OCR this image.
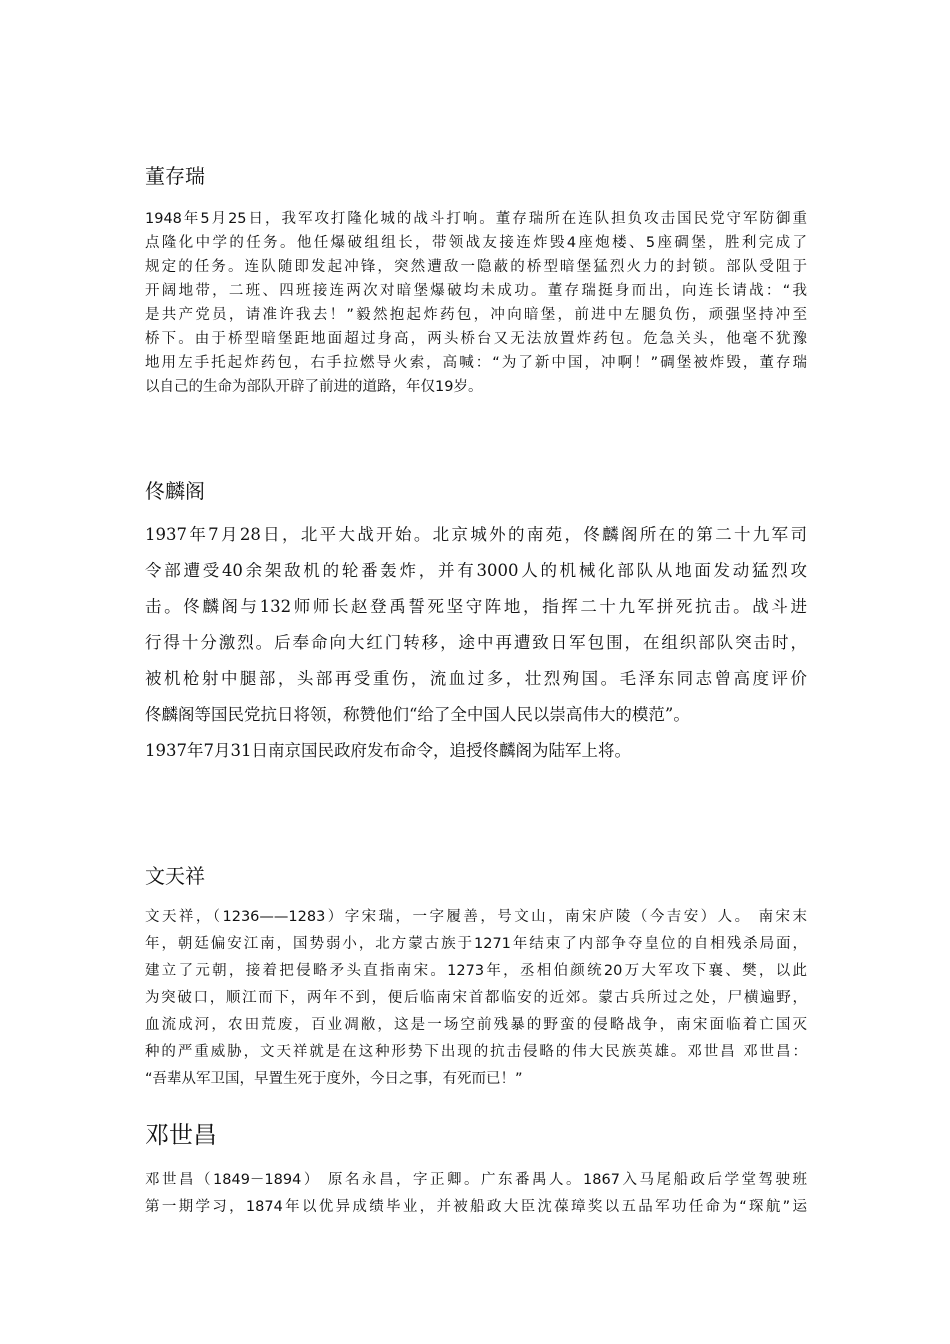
董存瑞
1948年5月25日，我军攻打隆化城的战斗打响。董存瑞所在连队担负攻击国民党守军防御重
点隆化中学的任务。他任爆破组组长，带领战友接连炸毁4座炮楼、5座碉堡，胜利完成了
规定的任务。连队随即发起冲锋，突然遭敌一隐蔽的桥型暗堡猛烈火力的封锁。部队受阻于
开阔地带，二班、四班接连两次对暗堡爆破均未成功。董存瑞挺身而出，向连长请战：“我
是共产党员，请准许我去！”毅然抱起炸药包，冲向暗堡，前进中左腿负伤，顽强坚持冲至
桥下。由于桥型暗堡距地面超过身高，两头桥台又无法放置炸药包。危急关头，他毫不犹豫
地用左手托起炸药包，右手拉燃导火索，高喊：“为了新中国，冲啊！”碉堡被炸毁，董存瑞
以自己的生命为部队开辟了前进的道路，年仅19岁。
佟麟阁
1937年7月28日，北平大战开始。北京城外的南苑，佟麟阁所在的第二十九军司
令部遭受40余架敌机的轮番轰炸，并有3000人的机械化部队从地面发动猛烈攻
击。佟麟阁与132师师长赵登禹誓死坚守阵地，指挥二十九军拼死抗击。战斗进
行得十分激烈。后奉命向大红门转移，途中再遭致日军包围，在组织部队突击时，
被机枪射中腿部，头部再受重伤，流血过多，壮烈殉国。毛泽东同志曾高度评价
佟麟阁等国民党抗日将领，称赞他们“给了全中国人民以崇高伟大的模范”。
1937年7月31日南京国民政府发布命令，追授佟麟阁为陆军上将。
文天祥
文天祥，（1236——1283）字宋瑞，一字履善，号文山，南宋庐陵（今吉安）人。 南宋末
年，朝廷偏安江南，国势弱小，北方蒙古族于1271年结束了内部争夺皇位的自相残杀局面，
建立了元朝，接着把侵略矛头直指南宋。1273年，丞相伯颜统20万大军攻下襄、樊，以此
为突破口，顺江而下，两年不到，便后临南宋首都临安的近郊。蒙古兵所过之处，尸横遍野，
血流成河，农田荒废，百业凋敝，这是一场空前残暴的野蛮的侵略战争，南宋面临着亡国灭
种的严重威胁，文天祥就是在这种形势下出现的抗击侵略的伟大民族英雄。邓世昌 邓世昌：
“吾辈从军卫国，早置生死于度外，今日之事，有死而已！”
邓世昌
邓世昌（1849－1894） 原名永昌，字正卿。广东番禺人。1867入马尾船政后学堂驾驶班
第一期学习，1874年以优异成绩毕业，并被船政大臣沈葆璋奖以五品军功任命为“琛航”运
